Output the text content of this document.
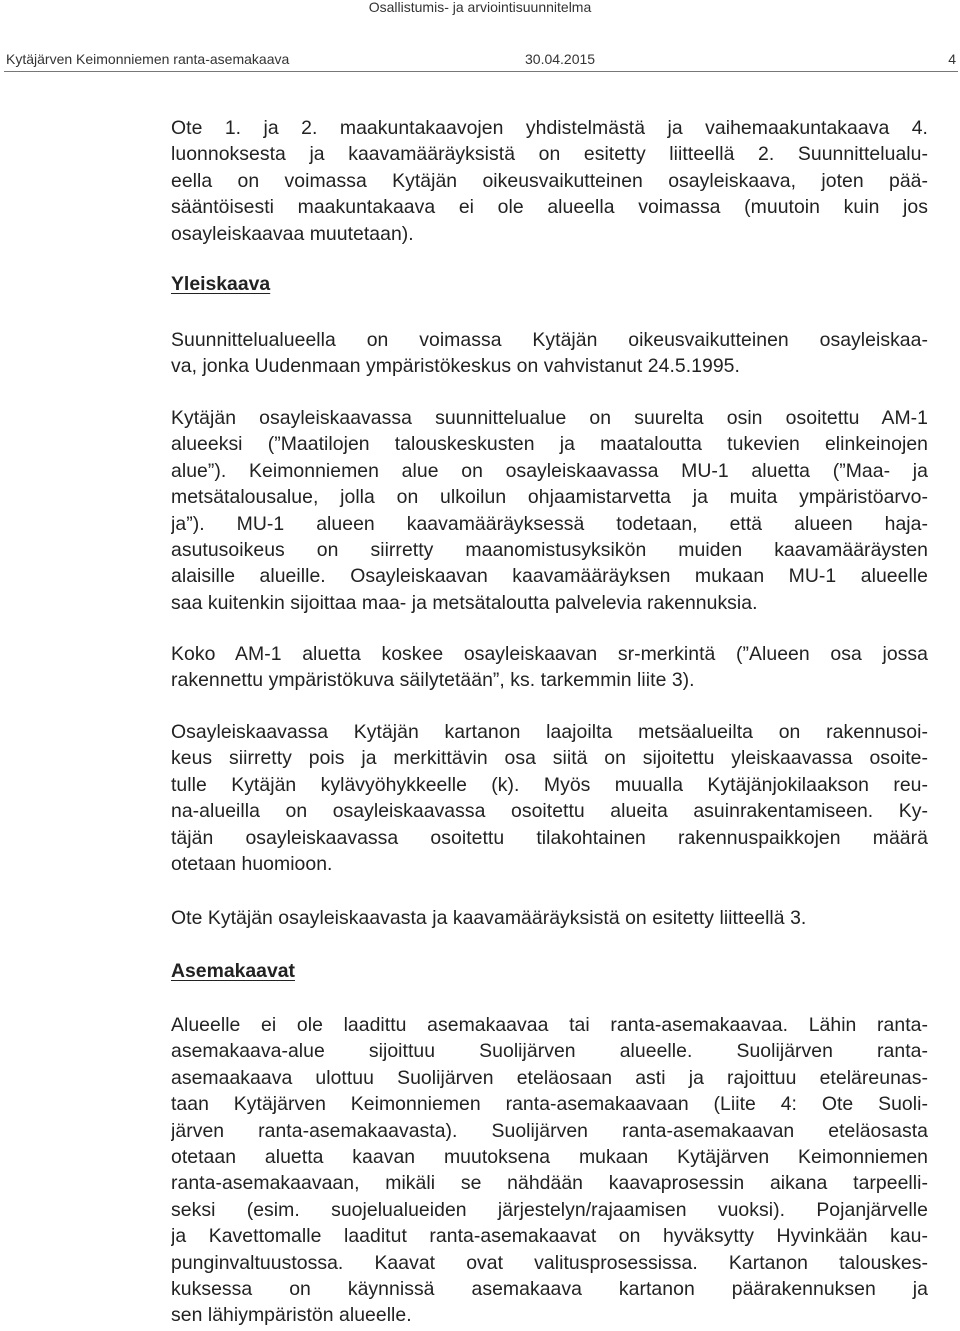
Osallistumis- ja arviointisuunnitelma
Kytäjärven Keimonniemen ranta-asemakaava	30.04.2015	4
Ote 1. ja 2. maakuntakaavojen yhdistelmästä ja vaihemaakuntakaava 4.
luonnoksesta ja kaavamääräyksistä on esitetty liitteellä 2. Suunnittelualu-
eella on voimassa Kytäjän oikeusvaikutteinen osayleiskaava, joten pää-
sääntöisesti maakuntakaava ei ole alueella voimassa (muutoin kuin jos
osayleiskaavaa muutetaan).
Yleiskaava
Suunnittelualueella on voimassa Kytäjän oikeusvaikutteinen osayleiskaa-
va, jonka Uudenmaan ympäristökeskus on vahvistanut 24.5.1995.
Kytäjän osayleiskaavassa suunnittelualue on suurelta osin osoitettu AM-1
alueeksi (”Maatilojen talouskeskusten ja maataloutta tukevien elinkeinojen
alue”). Keimonniemen alue on osayleiskaavassa MU-1 aluetta (”Maa- ja
metsätalousalue, jolla on ulkoilun ohjaamistarvetta ja muita ympäristöarvo-
ja”). MU-1 alueen kaavamääräyksessä todetaan, että alueen haja-
asutusoikeus on siirretty maanomistusyksikön muiden kaavamääräysten
alaisille alueille. Osayleiskaavan kaavamääräyksen mukaan MU-1 alueelle
saa kuitenkin sijoittaa maa- ja metsätaloutta palvelevia rakennuksia.
Koko AM-1 aluetta koskee osayleiskaavan sr-merkintä (”Alueen osa jossa
rakennettu ympäristökuva säilytetään”, ks. tarkemmin liite 3).
Osayleiskaavassa Kytäjän kartanon laajoilta metsäalueilta on rakennusoi-
keus siirretty pois ja merkittävin osa siitä on sijoitettu yleiskaavassa osoite-
tulle Kytäjän kylävyöhykkeelle (k). Myös muualla Kytäjänjokilaakson reu-
na-alueilla on osayleiskaavassa osoitettu alueita asuinrakentamiseen. Ky-
täjän osayleiskaavassa osoitettu tilakohtainen rakennuspaikkojen määrä
otetaan huomioon.
Ote Kytäjän osayleiskaavasta ja kaavamääräyksistä on esitetty liitteellä 3.
Asemakaavat
Alueelle ei ole laadittu asemakaavaa tai ranta-asemakaavaa. Lähin ranta-
asemakaava-alue sijoittuu Suolijärven alueelle. Suolijärven ranta-
asemaakaava ulottuu Suolijärven eteläosaan asti ja rajoittuu eteläreunas-
taan Kytäjärven Keimonniemen ranta-asemakaavaan (Liite 4: Ote Suoli-
järven ranta-asemakaavasta). Suolijärven ranta-asemakaavan eteläosasta
otetaan aluetta kaavan muutoksena mukaan Kytäjärven Keimonniemen
ranta-asemakaavaan, mikäli se nähdään kaavaprosessin aikana tarpeelli-
seksi (esim. suojelualueiden järjestelyn/rajaamisen vuoksi). Pojanjärvelle
ja Kavettomalle laaditut ranta-asemakaavat on hyväksytty Hyvinkään kau-
punginvaltuustossa. Kaavat ovat valitusprosessissa. Kartanon talouskes-
kuksessa on käynnissä asemakaava kartanon päärakennuksen ja
sen lähiympäristön alueelle.
